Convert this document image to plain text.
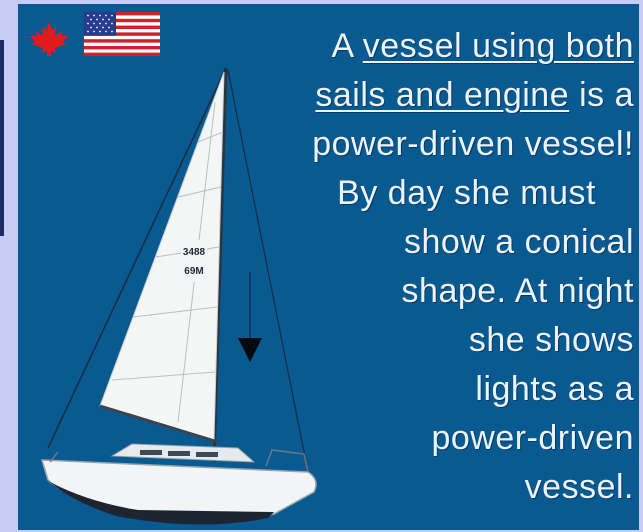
3488
69M
A vessel using both
sails and engine is a
power-driven vessel!
By day she must
show a conical
shape. At night
she shows
lights as a
power-driven
vessel.
